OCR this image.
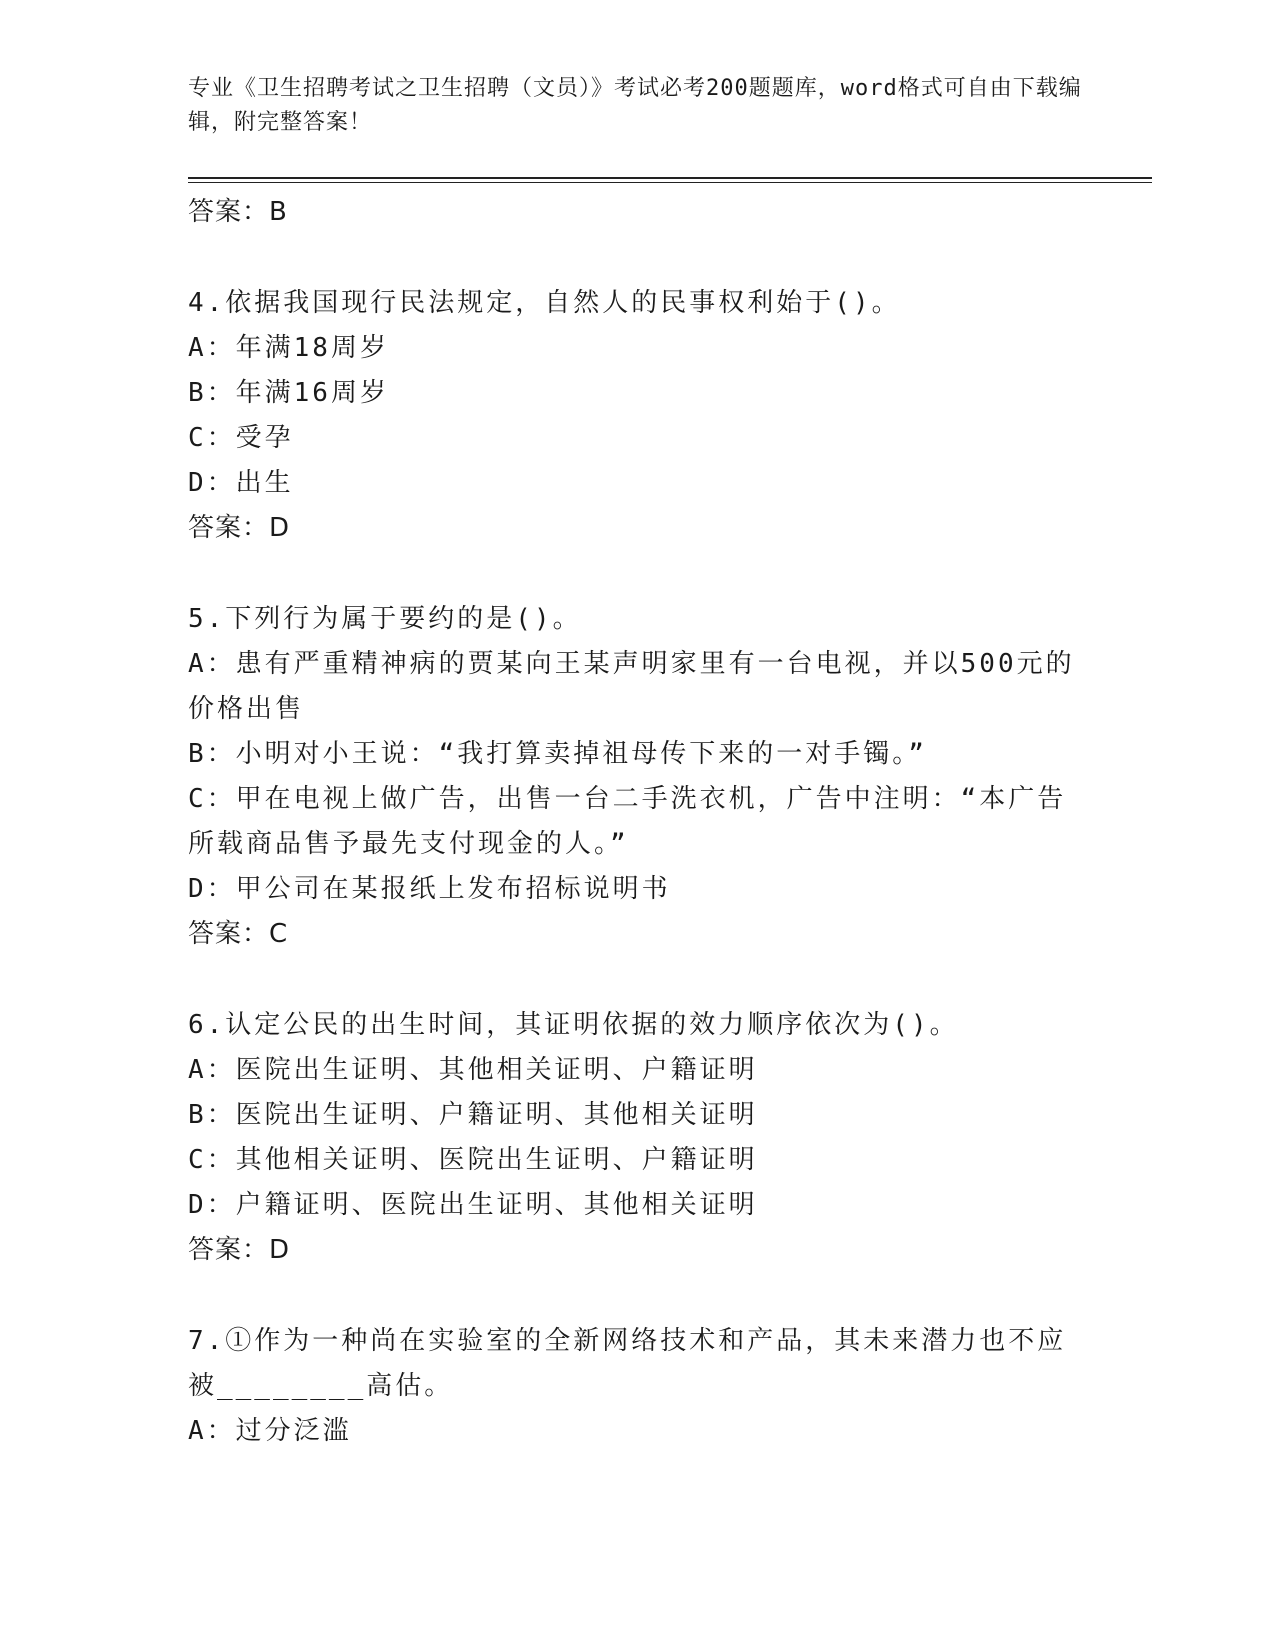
专业《卫生招聘考试之卫生招聘（文员）》考试必考200题题库，word格式可自由下载编辑，附完整答案！
答案：B
4.依据我国现行民法规定，自然人的民事权利始于()。
A：年满18周岁
B：年满16周岁
C：受孕
D：出生
答案：D
5.下列行为属于要约的是()。
A：患有严重精神病的贾某向王某声明家里有一台电视，并以500元的价格出售
B：小明对小王说：“我打算卖掉祖母传下来的一对手镯。”
C：甲在电视上做广告，出售一台二手洗衣机，广告中注明：“本广告所载商品售予最先支付现金的人。”
D：甲公司在某报纸上发布招标说明书
答案：C
6.认定公民的出生时间，其证明依据的效力顺序依次为()。
A：医院出生证明、其他相关证明、户籍证明
B：医院出生证明、户籍证明、其他相关证明
C：其他相关证明、医院出生证明、户籍证明
D：户籍证明、医院出生证明、其他相关证明
答案：D
7.①作为一种尚在实验室的全新网络技术和产品，其未来潜力也不应被________高估。
A：过分泛滥
